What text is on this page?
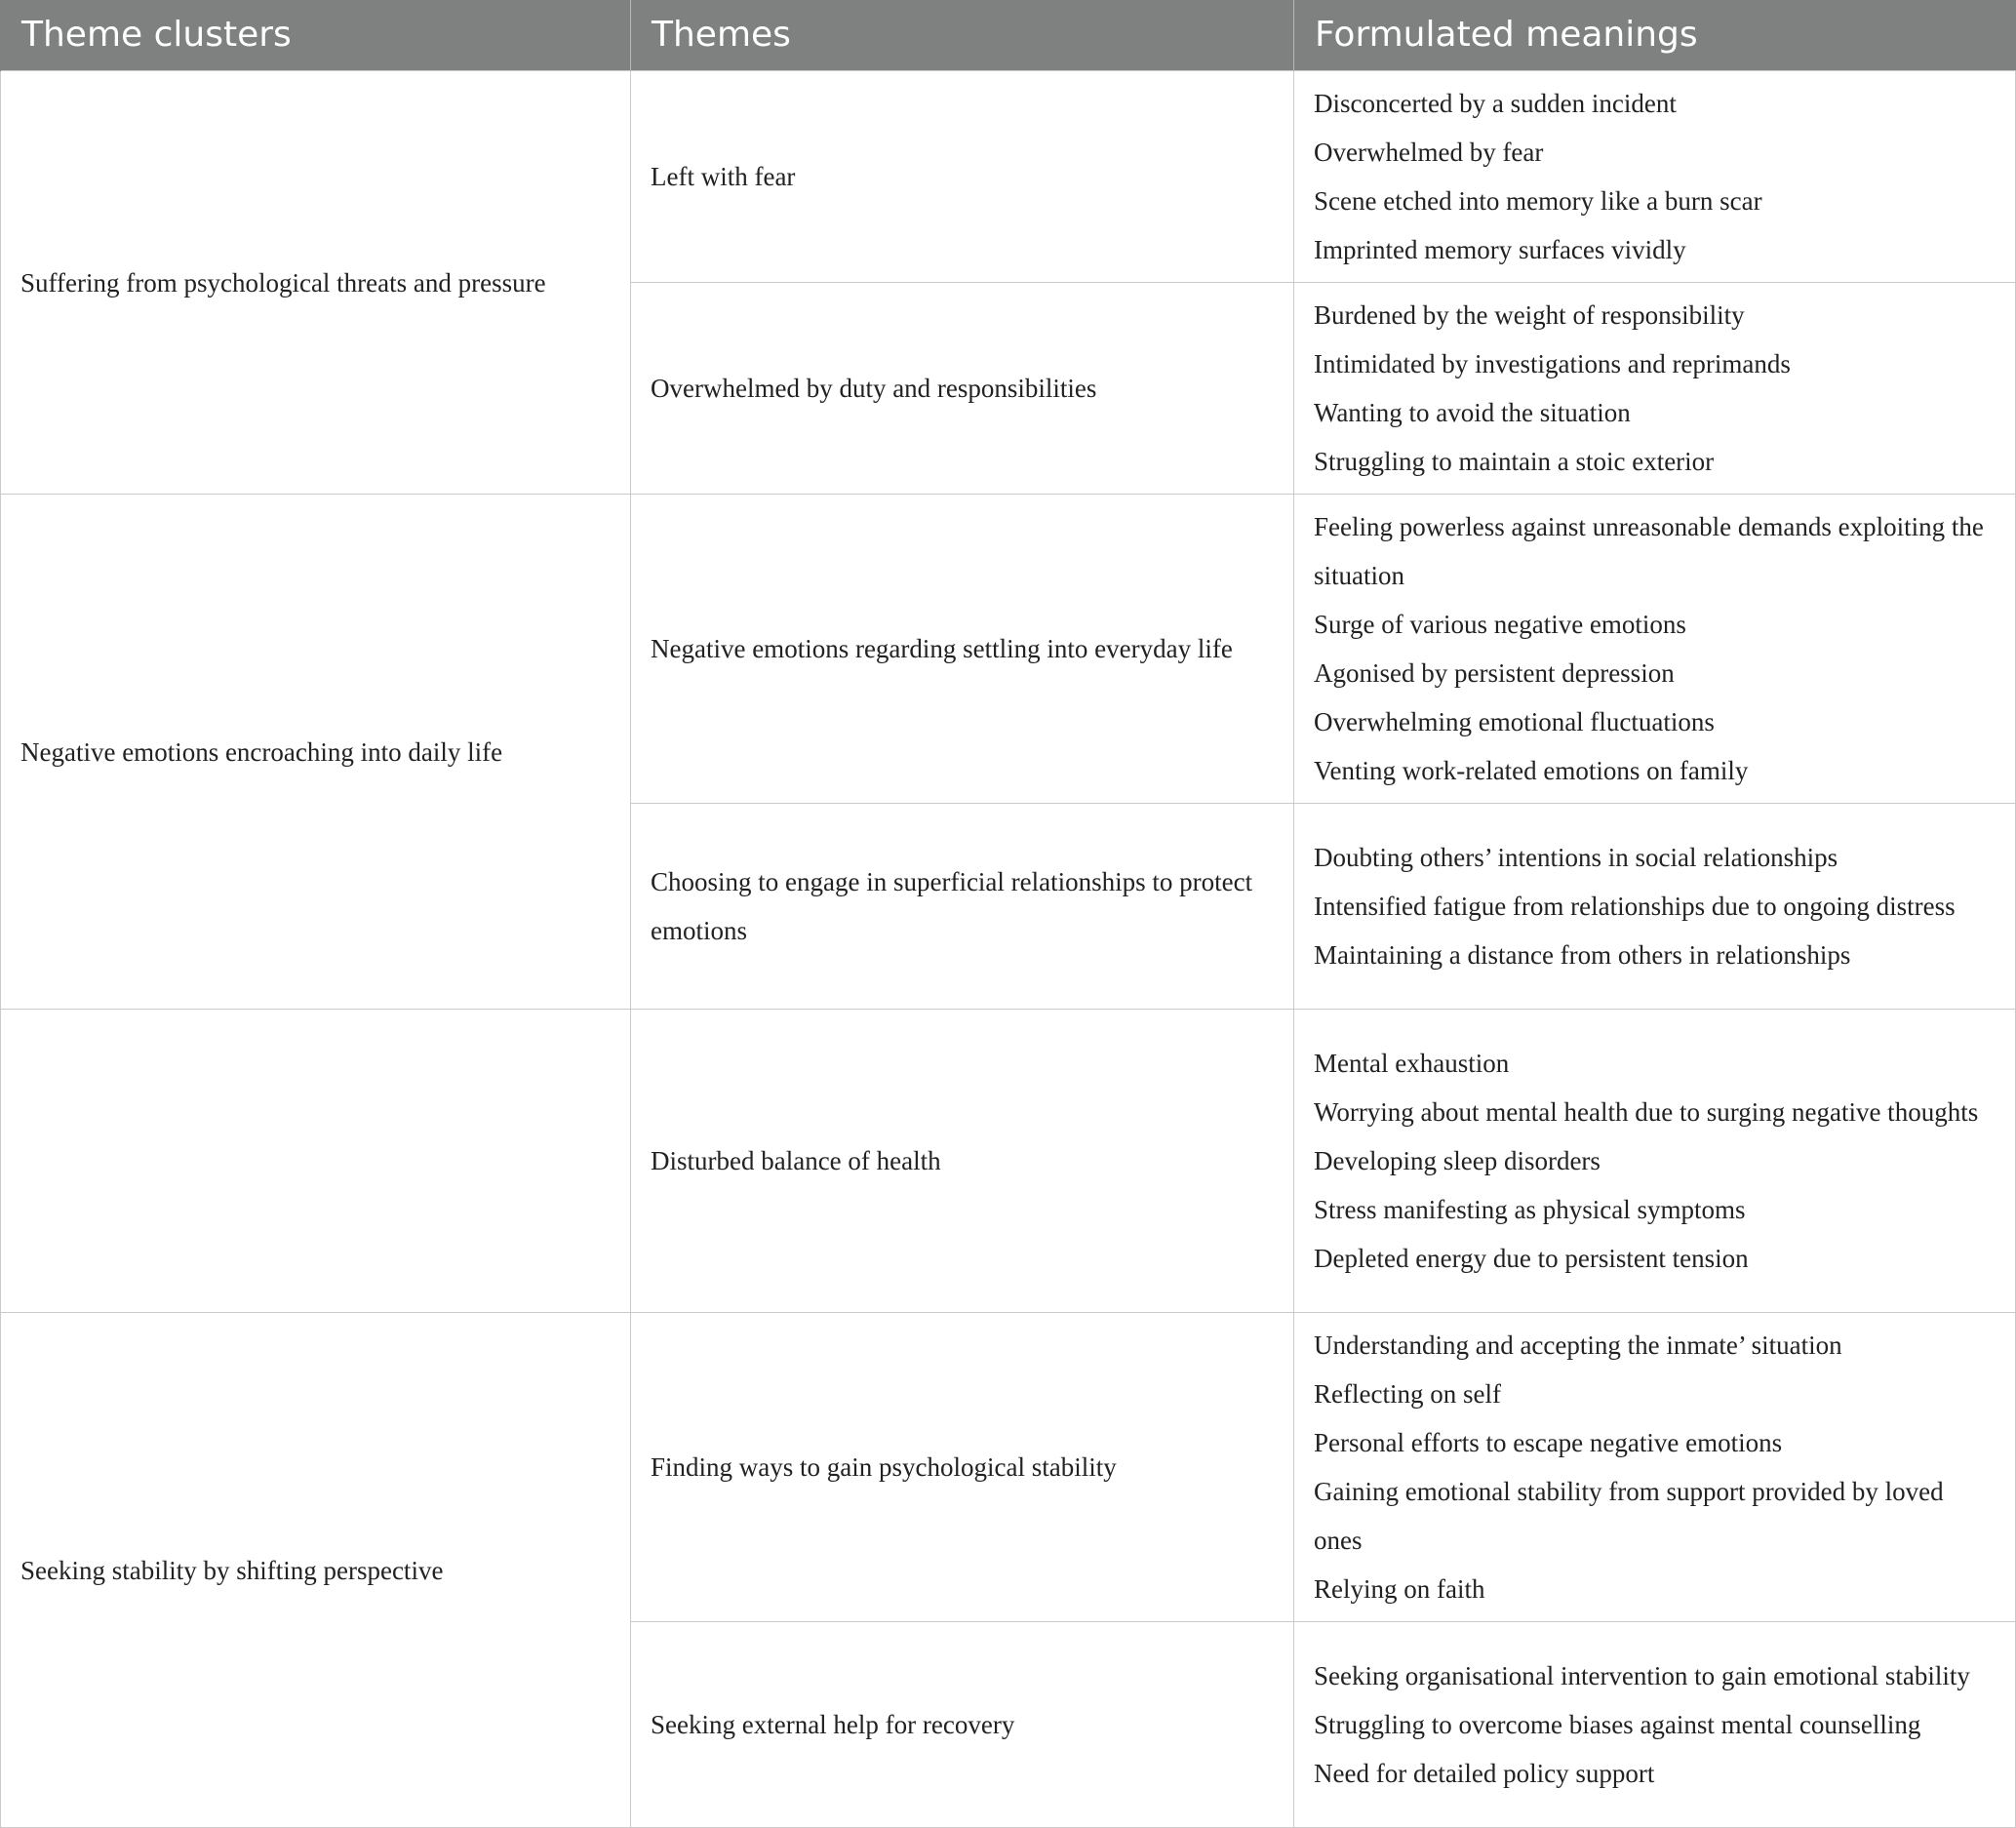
Theme clusters	Themes	Formulated meanings

Suffering from psychological threats and pressure	Left with fear	Disconcerted by a sudden incident
Overwhelmed by fear
Scene etched into memory like a burn scar
Imprinted memory surfaces vividly

	Overwhelmed by duty and responsibilities	Burdened by the weight of responsibility
Intimidated by investigations and reprimands
Wanting to avoid the situation
Struggling to maintain a stoic exterior

Negative emotions encroaching into daily life	Negative emotions regarding settling into everyday life	Feeling powerless against unreasonable demands exploiting the situation
Surge of various negative emotions
Agonised by persistent depression
Overwhelming emotional fluctuations
Venting work-related emotions on family

	Choosing to engage in superficial relationships to protect emotions	Doubting others’ intentions in social relationships
Intensified fatigue from relationships due to ongoing distress
Maintaining a distance from others in relationships

	Disturbed balance of health	Mental exhaustion
Worrying about mental health due to surging negative thoughts
Developing sleep disorders
Stress manifesting as physical symptoms
Depleted energy due to persistent tension

Seeking stability by shifting perspective	Finding ways to gain psychological stability	Understanding and accepting the inmate’ situation
Reflecting on self
Personal efforts to escape negative emotions
Gaining emotional stability from support provided by loved ones
Relying on faith

	Seeking external help for recovery	Seeking organisational intervention to gain emotional stability
Struggling to overcome biases against mental counselling
Need for detailed policy support
